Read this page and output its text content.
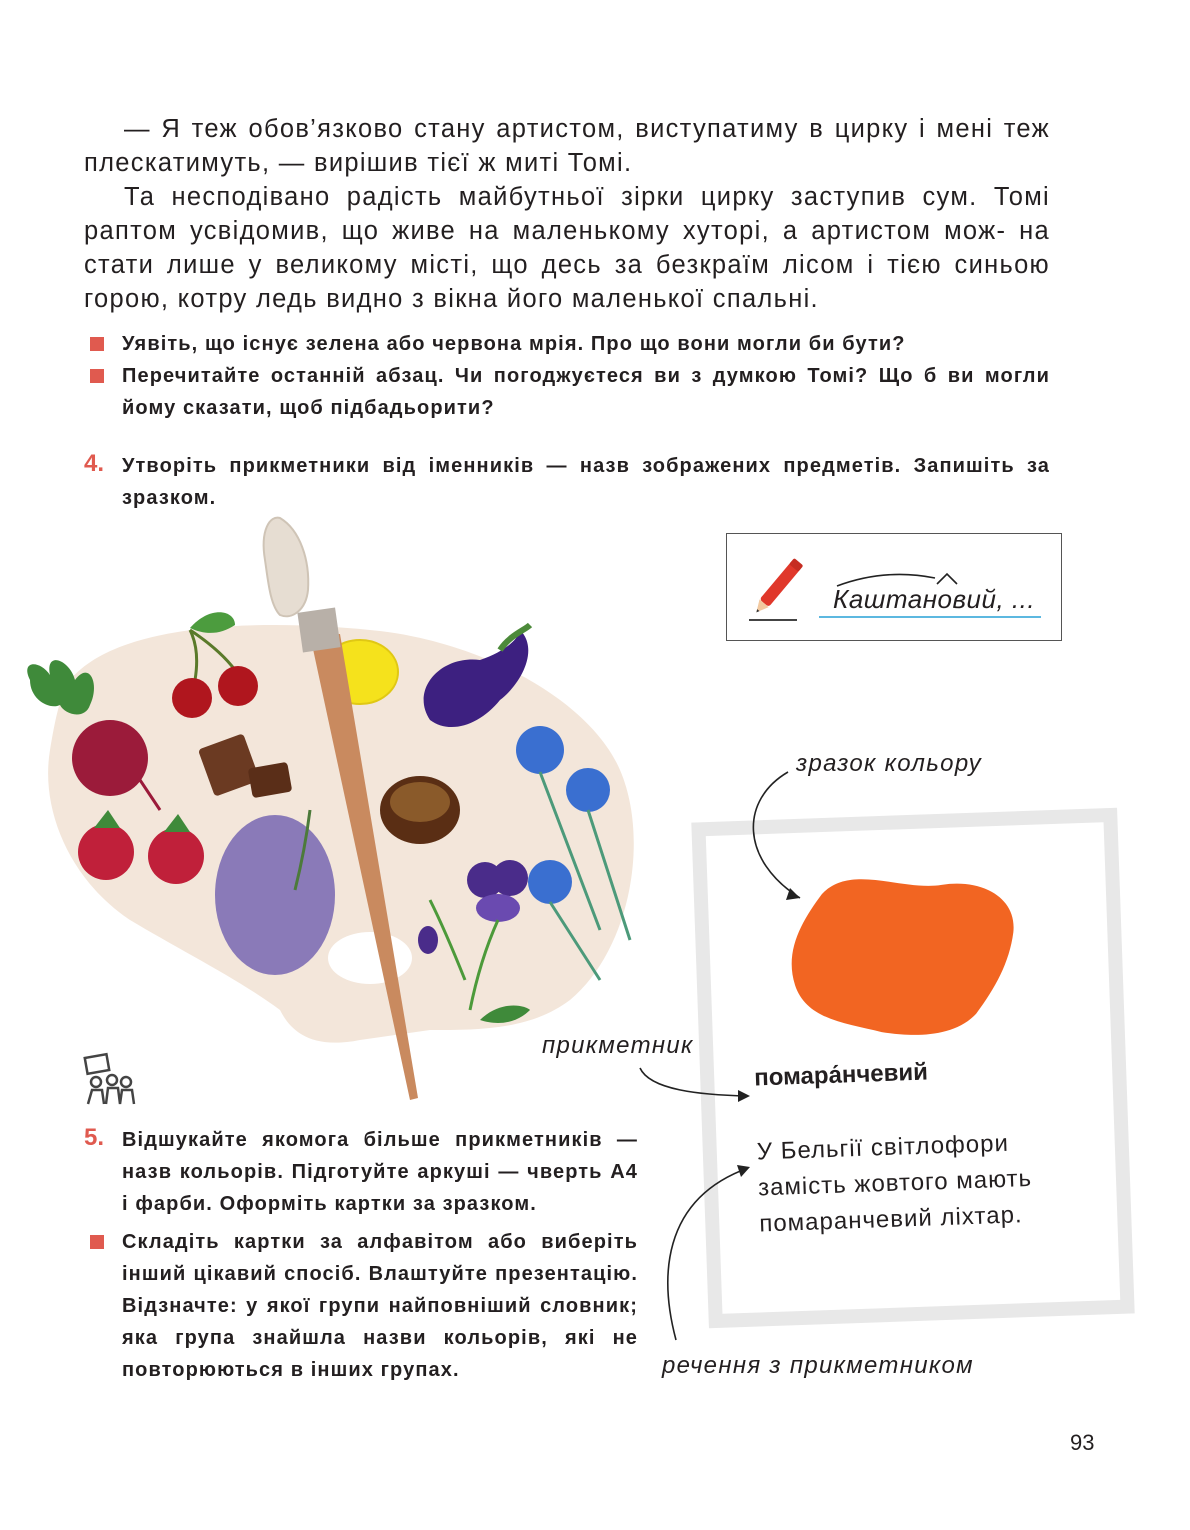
— Я теж обов’язково стану артистом, виступатиму в цирку і мені теж плескатимуть, — вирішив тієї ж миті Томі.

Та несподівано радість майбутньої зірки цирку заступив сум. Томі раптом усвідомив, що живе на маленькому хуторі, а артистом мож- на стати лише у великому місті, що десь за безкраїм лісом і тією синьою горою, котру ледь видно з вікна його маленької спальні.

Уявіть, що існує зелена або червона мрія. Про що вони могли би бути?
Перечитайте останній абзац. Чи погоджуєтеся ви з думкою Томі? Що б ви могли йому сказати, щоб підбадьорити?
4. Утворіть прикметники від іменників — назв зображених предметів. Запишіть за зразком.
Каштановий, ...
помара́нчевий
У Бельгії світлофори замість жовтого мають помаранчевий ліхтар.
зразок кольору
прикметник
речення з прикметником
5. Відшукайте якомога більше прикметників — назв кольорів. Підготуйте аркуші — чверть А4 і фарби. Оформіть картки за зразком.
Складіть картки за алфавітом або виберіть інший цікавий спосіб. Влаштуйте презентацію. Відзначте: у якої групи найповніший словник; яка група знайшла назви кольорів, які не повторюються в інших групах.
93
